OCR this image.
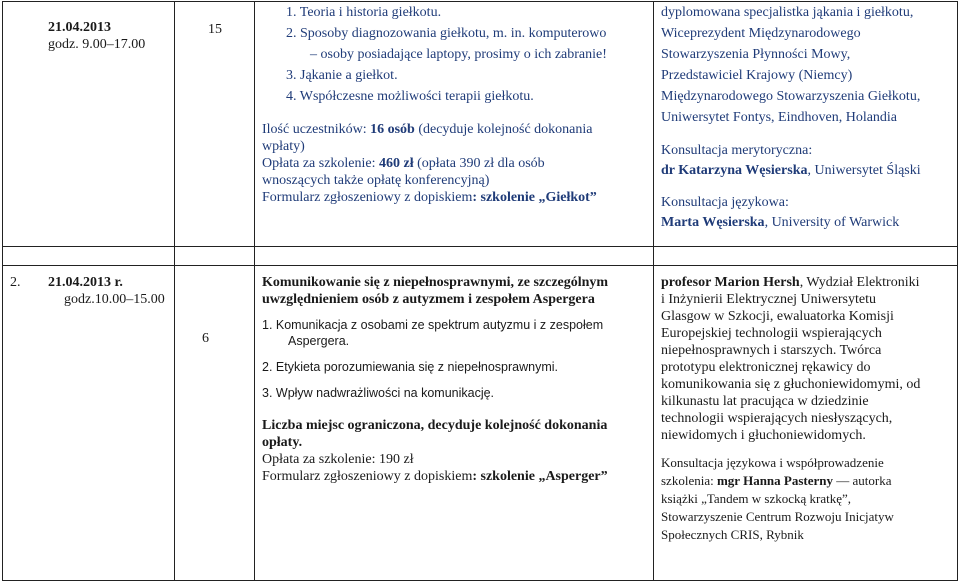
21.04.2013
godz. 9.00–17.00
15
1. Teoria i historia giełkotu.
2. Sposoby diagnozowania giełkotu, m. in. komputerowo
– osoby posiadające laptopy, prosimy o ich zabranie!
3. Jąkanie a giełkot.
4. Współczesne możliwości terapii giełkotu.
Ilość uczestników: 16 osób (decyduje kolejność dokonania
wpłaty)
Opłata za szkolenie: 460 zł (opłata 390 zł dla osób
wnoszących także opłatę konferencyjną)
Formularz zgłoszeniowy z dopiskiem: szkolenie „Giełkot”
dyplomowana specjalistka jąkania i giełkotu,
Wiceprezydent Międzynarodowego
Stowarzyszenia Płynności Mowy,
Przedstawiciel Krajowy (Niemcy)
Międzynarodowego Stowarzyszenia Giełkotu,
Uniwersytet Fontys, Eindhoven, Holandia
Konsultacja merytoryczna:
dr Katarzyna Węsierska, Uniwersytet Śląski
Konsultacja językowa:
Marta Węsierska, University of Warwick
2. 21.04.2013 r.
godz.10.00–15.00
6
Komunikowanie się z niepełnosprawnymi, ze szczególnym
uwzględnieniem osób z autyzmem i zespołem Aspergera
1. Komunikacja z osobami ze spektrum autyzmu i z zespołem
Aspergera.
2. Etykieta porozumiewania się z niepełnosprawnymi.
3. Wpływ nadwrażliwości na komunikację.
Liczba miejsc ograniczona, decyduje kolejność dokonania
opłaty.
Opłata za szkolenie: 190 zł
Formularz zgłoszeniowy z dopiskiem: szkolenie „Asperger”
profesor Marion Hersh, Wydział Elektroniki
i Inżynierii Elektrycznej Uniwersytetu
Glasgow w Szkocji, ewaluatorka Komisji
Europejskiej technologii wspierających
niepełnosprawnych i starszych. Twórca
prototypu elektronicznej rękawicy do
komunikowania się z głuchoniewidomymi, od
kilkunastu lat pracująca w dziedzinie
technologii wspierających niesłyszących,
niewidomych i głuchoniewidomych.
Konsultacja językowa i współprowadzenie
szkolenia: mgr Hanna Pasterny — autorka
książki „Tandem w szkocką kratkę”,
Stowarzyszenie Centrum Rozwoju Inicjatyw
Społecznych CRIS, Rybnik
